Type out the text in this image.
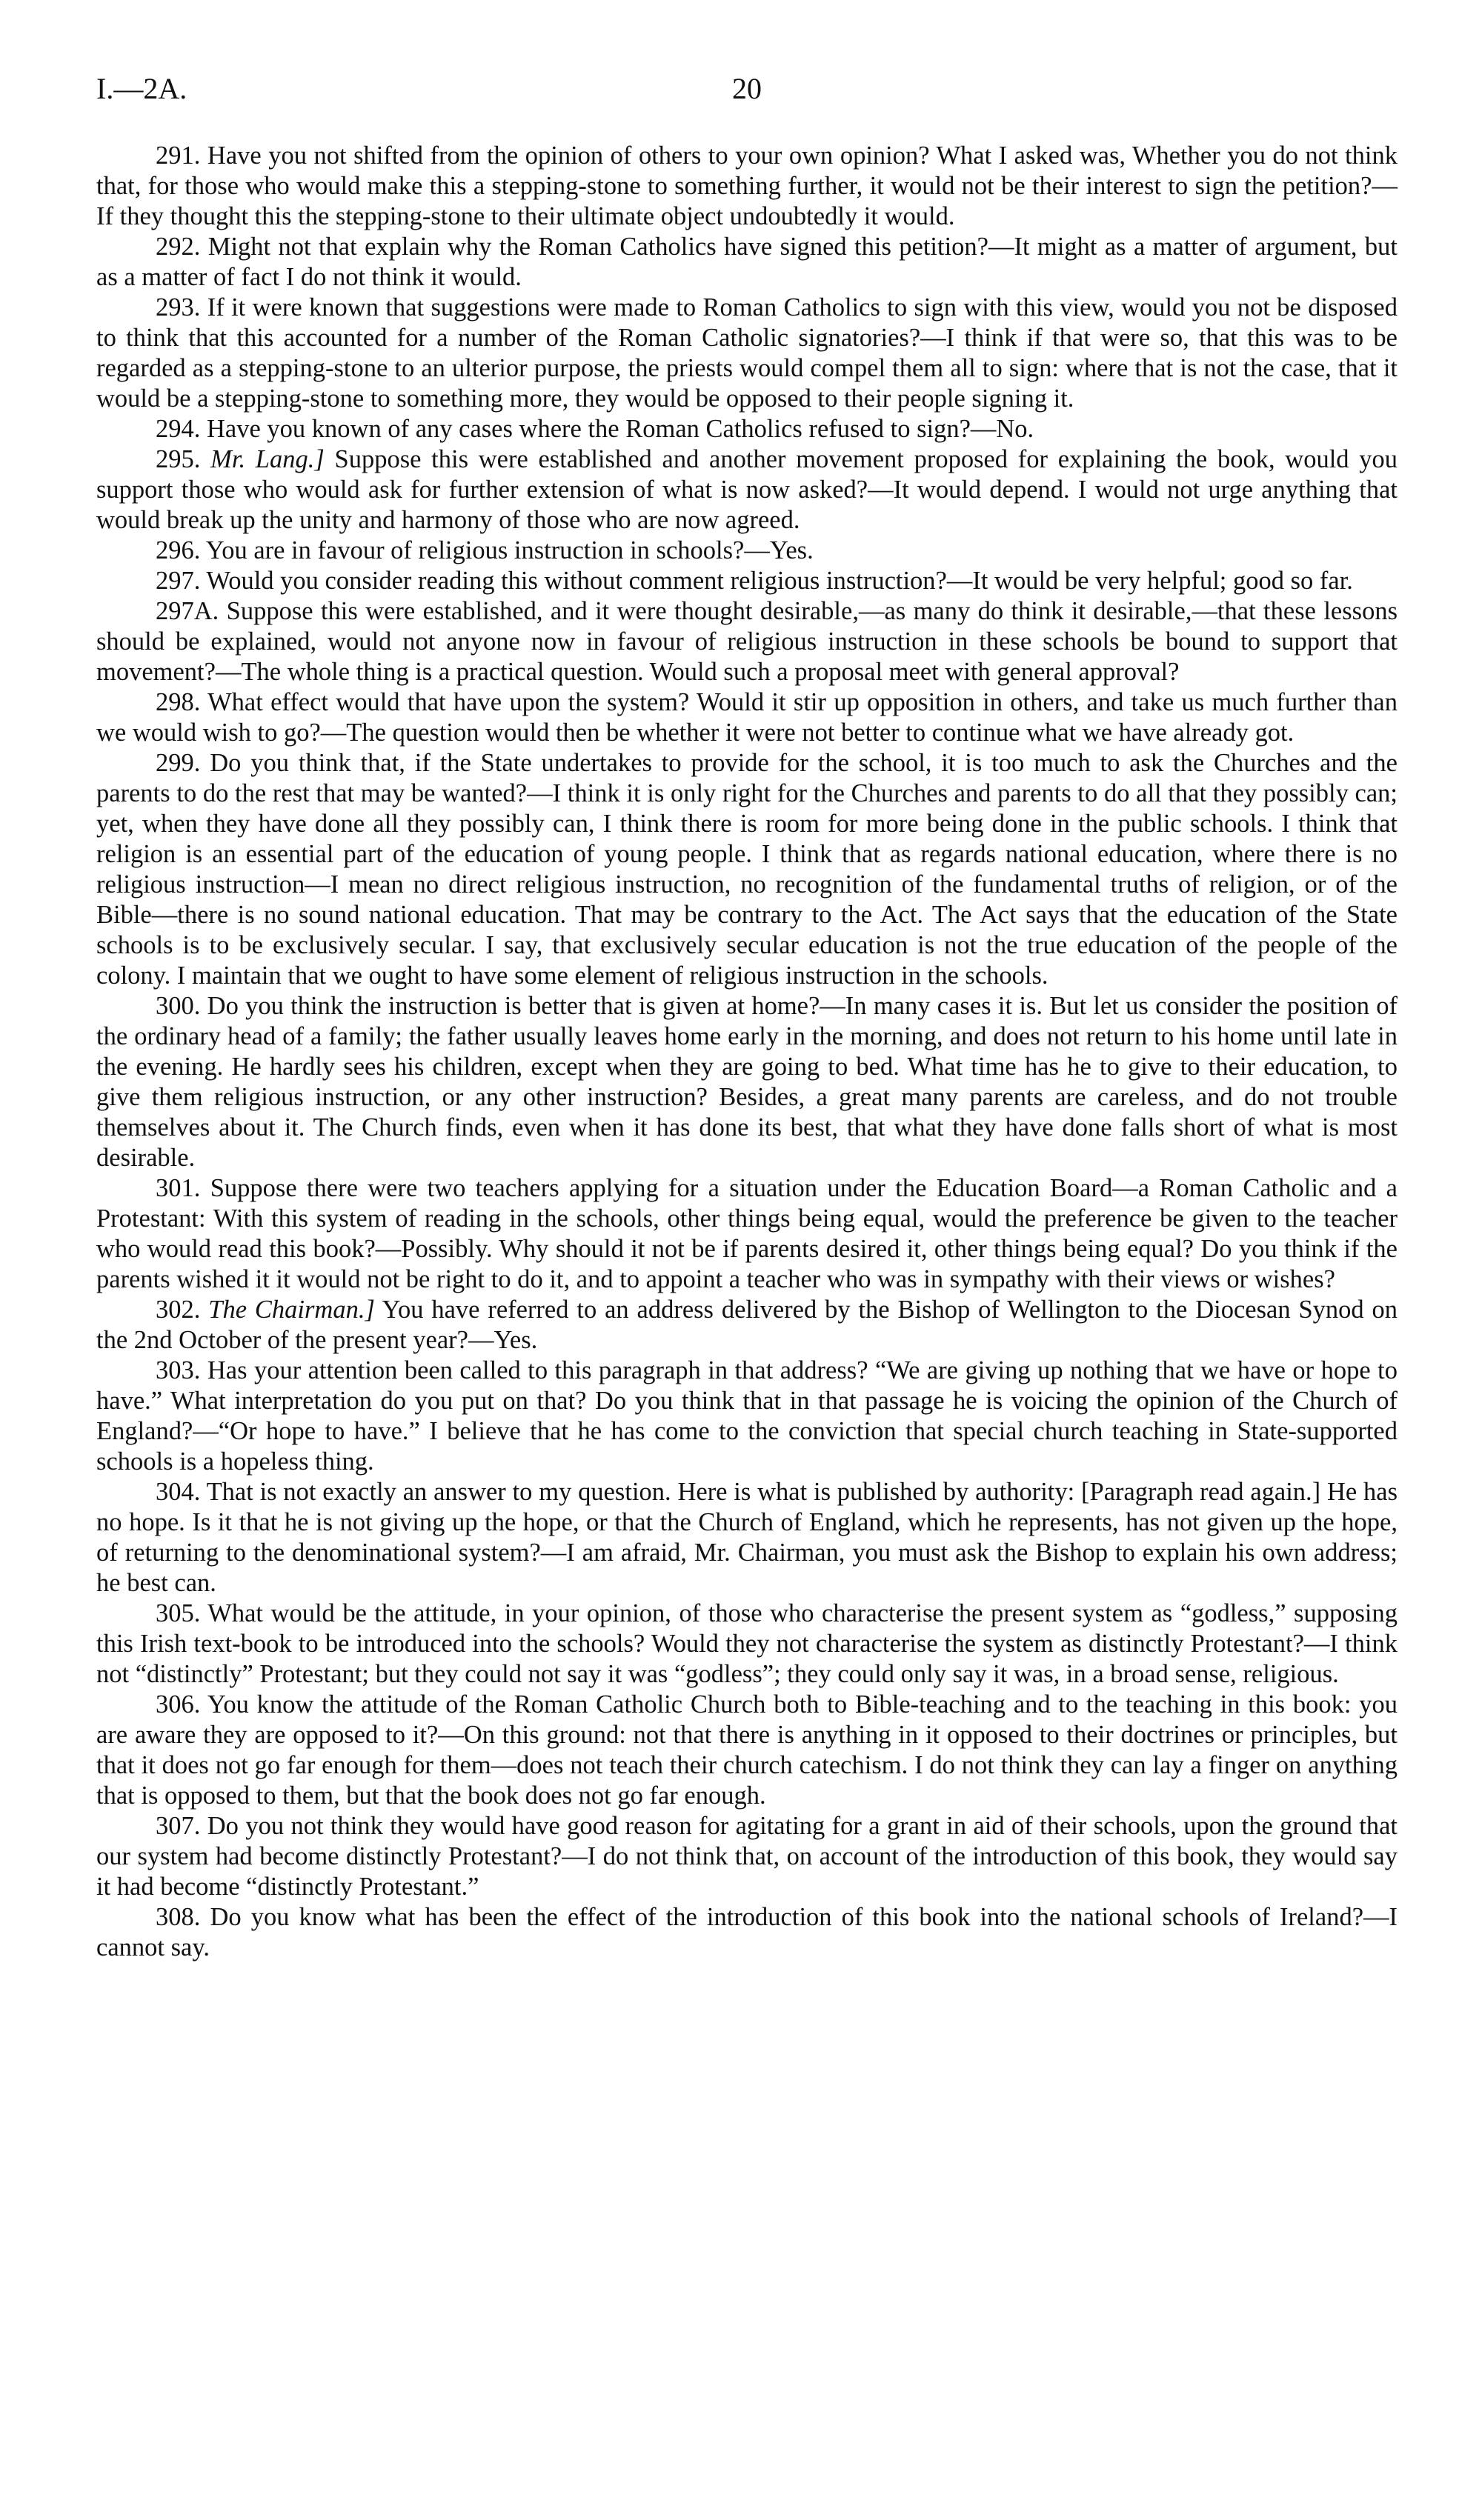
I.—2A.	20

291. Have you not shifted from the opinion of others to your own opinion? What I asked was, Whether you do not think that, for those who would make this a stepping-stone to something further, it would not be their interest to sign the petition?—If they thought this the stepping-stone to their ultimate object undoubtedly it would.

292. Might not that explain why the Roman Catholics have signed this petition?—It might as a matter of argument, but as a matter of fact I do not think it would.

293. If it were known that suggestions were made to Roman Catholics to sign with this view, would you not be disposed to think that this accounted for a number of the Roman Catholic signatories?—I think if that were so, that this was to be regarded as a stepping-stone to an ulterior purpose, the priests would compel them all to sign: where that is not the case, that it would be a stepping-stone to something more, they would be opposed to their people signing it.

294. Have you known of any cases where the Roman Catholics refused to sign?—No.

295. Mr. Lang.] Suppose this were established and another movement proposed for explaining the book, would you support those who would ask for further extension of what is now asked?—It would depend. I would not urge anything that would break up the unity and harmony of those who are now agreed.

296. You are in favour of religious instruction in schools?—Yes.

297. Would you consider reading this without comment religious instruction?—It would be very helpful; good so far.

297A. Suppose this were established, and it were thought desirable,—as many do think it desirable,—that these lessons should be explained, would not anyone now in favour of religious instruction in these schools be bound to support that movement?—The whole thing is a practical question. Would such a proposal meet with general approval?

298. What effect would that have upon the system? Would it stir up opposition in others, and take us much further than we would wish to go?—The question would then be whether it were not better to continue what we have already got.

299. Do you think that, if the State undertakes to provide for the school, it is too much to ask the Churches and the parents to do the rest that may be wanted?—I think it is only right for the Churches and parents to do all that they possibly can; yet, when they have done all they possibly can, I think there is room for more being done in the public schools. I think that religion is an essential part of the education of young people. I think that as regards national education, where there is no religious instruction—I mean no direct religious instruction, no recognition of the fundamental truths of religion, or of the Bible—there is no sound national education. That may be contrary to the Act. The Act says that the education of the State schools is to be exclusively secular. I say, that exclusively secular education is not the true education of the people of the colony. I maintain that we ought to have some element of religious instruction in the schools.

300. Do you think the instruction is better that is given at home?—In many cases it is. But let us consider the position of the ordinary head of a family; the father usually leaves home early in the morning, and does not return to his home until late in the evening. He hardly sees his children, except when they are going to bed. What time has he to give to their education, to give them religious instruction, or any other instruction? Besides, a great many parents are careless, and do not trouble themselves about it. The Church finds, even when it has done its best, that what they have done falls short of what is most desirable.

301. Suppose there were two teachers applying for a situation under the Education Board—a Roman Catholic and a Protestant: With this system of reading in the schools, other things being equal, would the preference be given to the teacher who would read this book?—Possibly. Why should it not be if parents desired it, other things being equal? Do you think if the parents wished it it would not be right to do it, and to appoint a teacher who was in sympathy with their views or wishes?

302. The Chairman.] You have referred to an address delivered by the Bishop of Wellington to the Diocesan Synod on the 2nd October of the present year?—Yes.

303. Has your attention been called to this paragraph in that address? “We are giving up nothing that we have or hope to have.” What interpretation do you put on that? Do you think that in that passage he is voicing the opinion of the Church of England?—“Or hope to have.” I believe that he has come to the conviction that special church teaching in State-supported schools is a hopeless thing.

304. That is not exactly an answer to my question. Here is what is published by authority: [Paragraph read again.] He has no hope. Is it that he is not giving up the hope, or that the Church of England, which he represents, has not given up the hope, of returning to the denominational system?—I am afraid, Mr. Chairman, you must ask the Bishop to explain his own address; he best can.

305. What would be the attitude, in your opinion, of those who characterise the present system as “godless,” supposing this Irish text-book to be introduced into the schools? Would they not characterise the system as distinctly Protestant?—I think not “distinctly” Protestant; but they could not say it was “godless”; they could only say it was, in a broad sense, religious.

306. You know the attitude of the Roman Catholic Church both to Bible-teaching and to the teaching in this book: you are aware they are opposed to it?—On this ground: not that there is anything in it opposed to their doctrines or principles, but that it does not go far enough for them—does not teach their church catechism. I do not think they can lay a finger on anything that is opposed to them, but that the book does not go far enough.

307. Do you not think they would have good reason for agitating for a grant in aid of their schools, upon the ground that our system had become distinctly Protestant?—I do not think that, on account of the introduction of this book, they would say it had become “distinctly Protestant.”

308. Do you know what has been the effect of the introduction of this book into the national schools of Ireland?—I cannot say.
